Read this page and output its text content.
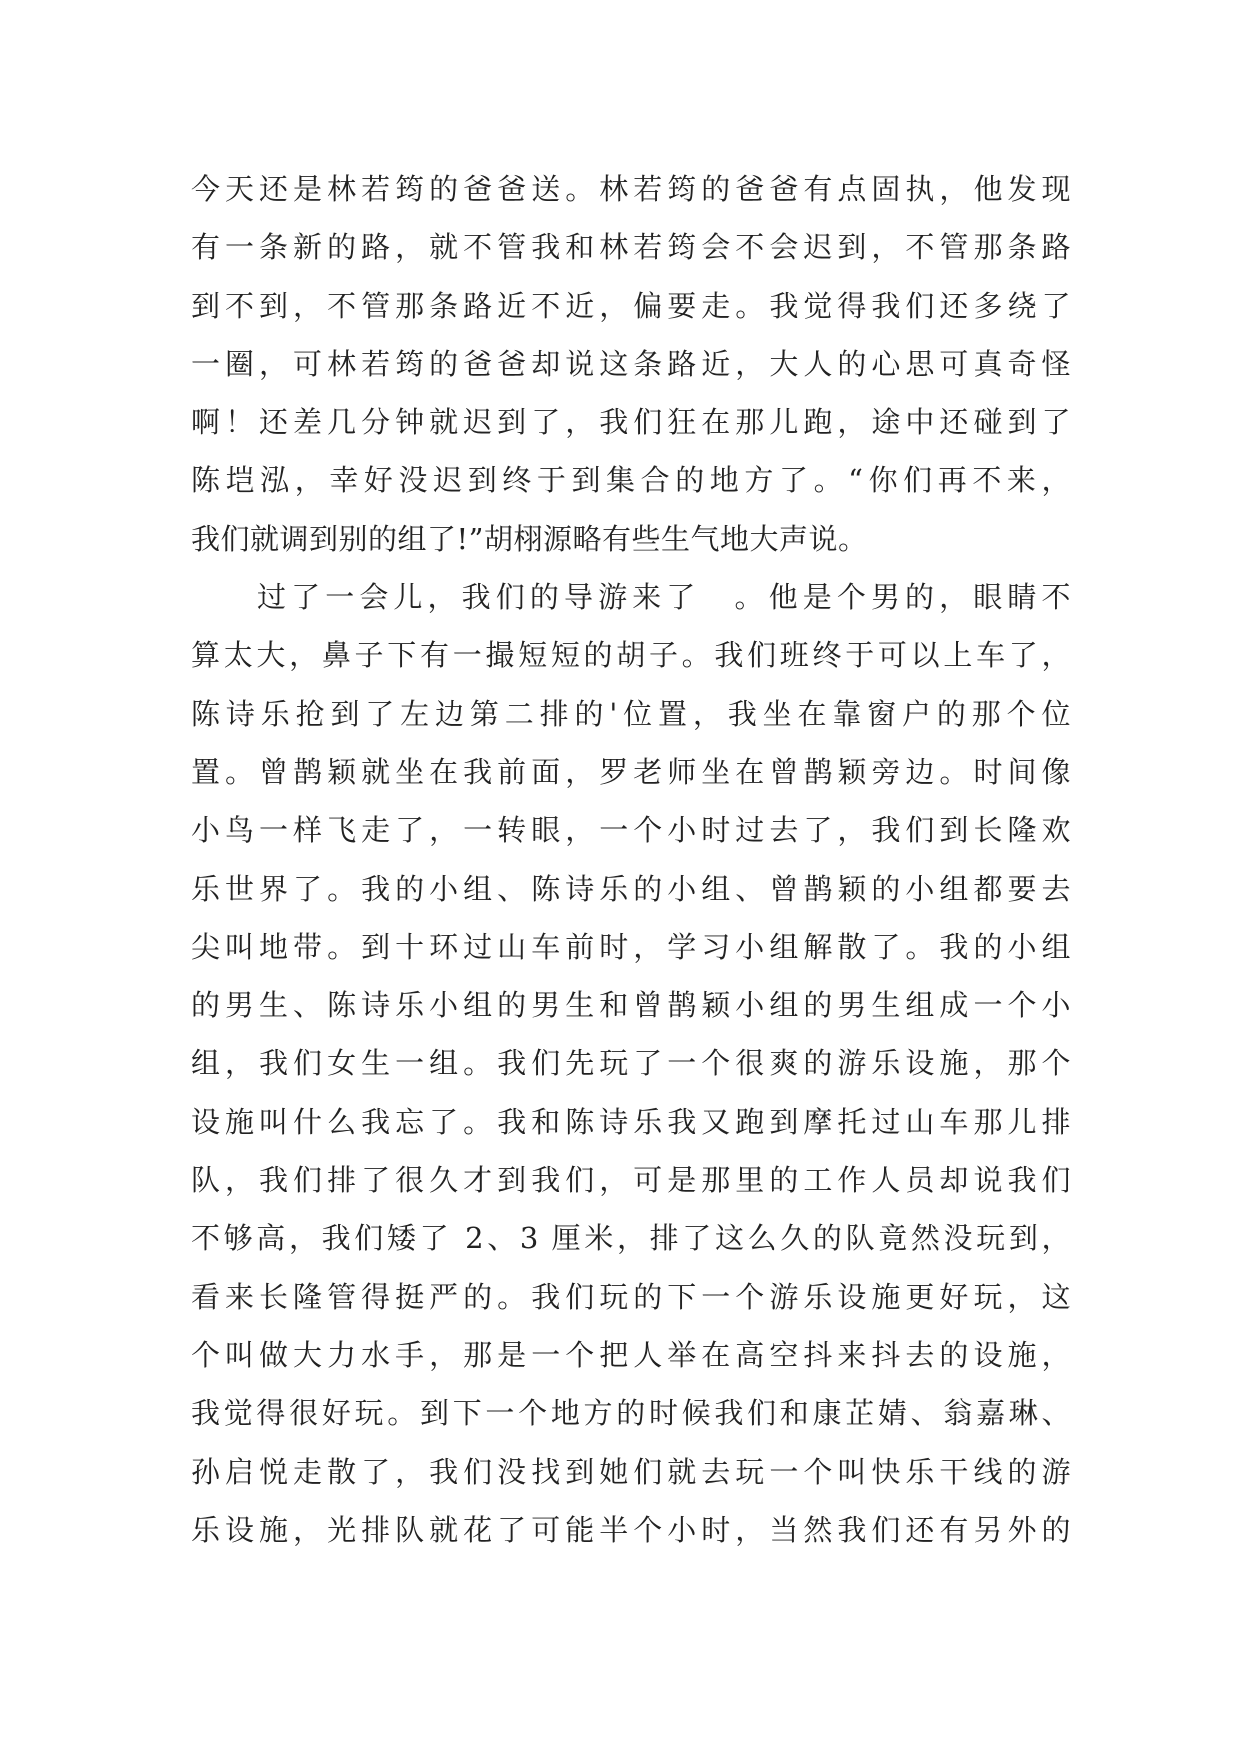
今天还是林若筠的爸爸送。林若筠的爸爸有点固执，他发现
有一条新的路，就不管我和林若筠会不会迟到，不管那条路
到不到，不管那条路近不近，偏要走。我觉得我们还多绕了
一圈，可林若筠的爸爸却说这条路近，大人的心思可真奇怪
啊！还差几分钟就迟到了，我们狂在那儿跑，途中还碰到了
陈垲泓，幸好没迟到终于到集合的地方了。“你们再不来，
我们就调到别的组了!”胡栩源略有些生气地大声说。
过了一会儿，我们的导游来了　。他是个男的，眼睛不
算太大，鼻子下有一撮短短的胡子。我们班终于可以上车了，
陈诗乐抢到了左边第二排的'位置，我坐在靠窗户的那个位
置。曾鹊颖就坐在我前面，罗老师坐在曾鹊颖旁边。时间像
小鸟一样飞走了，一转眼，一个小时过去了，我们到长隆欢
乐世界了。我的小组、陈诗乐的小组、曾鹊颖的小组都要去
尖叫地带。到十环过山车前时，学习小组解散了。我的小组
的男生、陈诗乐小组的男生和曾鹊颖小组的男生组成一个小
组，我们女生一组。我们先玩了一个很爽的游乐设施，那个
设施叫什么我忘了。我和陈诗乐我又跑到摩托过山车那儿排
队，我们排了很久才到我们，可是那里的工作人员却说我们
不够高，我们矮了 2、3 厘米，排了这么久的队竟然没玩到，
看来长隆管得挺严的。我们玩的下一个游乐设施更好玩，这
个叫做大力水手，那是一个把人举在高空抖来抖去的设施，
我觉得很好玩。到下一个地方的时候我们和康芷婧、翁嘉琳、
孙启悦走散了，我们没找到她们就去玩一个叫快乐干线的游
乐设施，光排队就花了可能半个小时，当然我们还有另外的
